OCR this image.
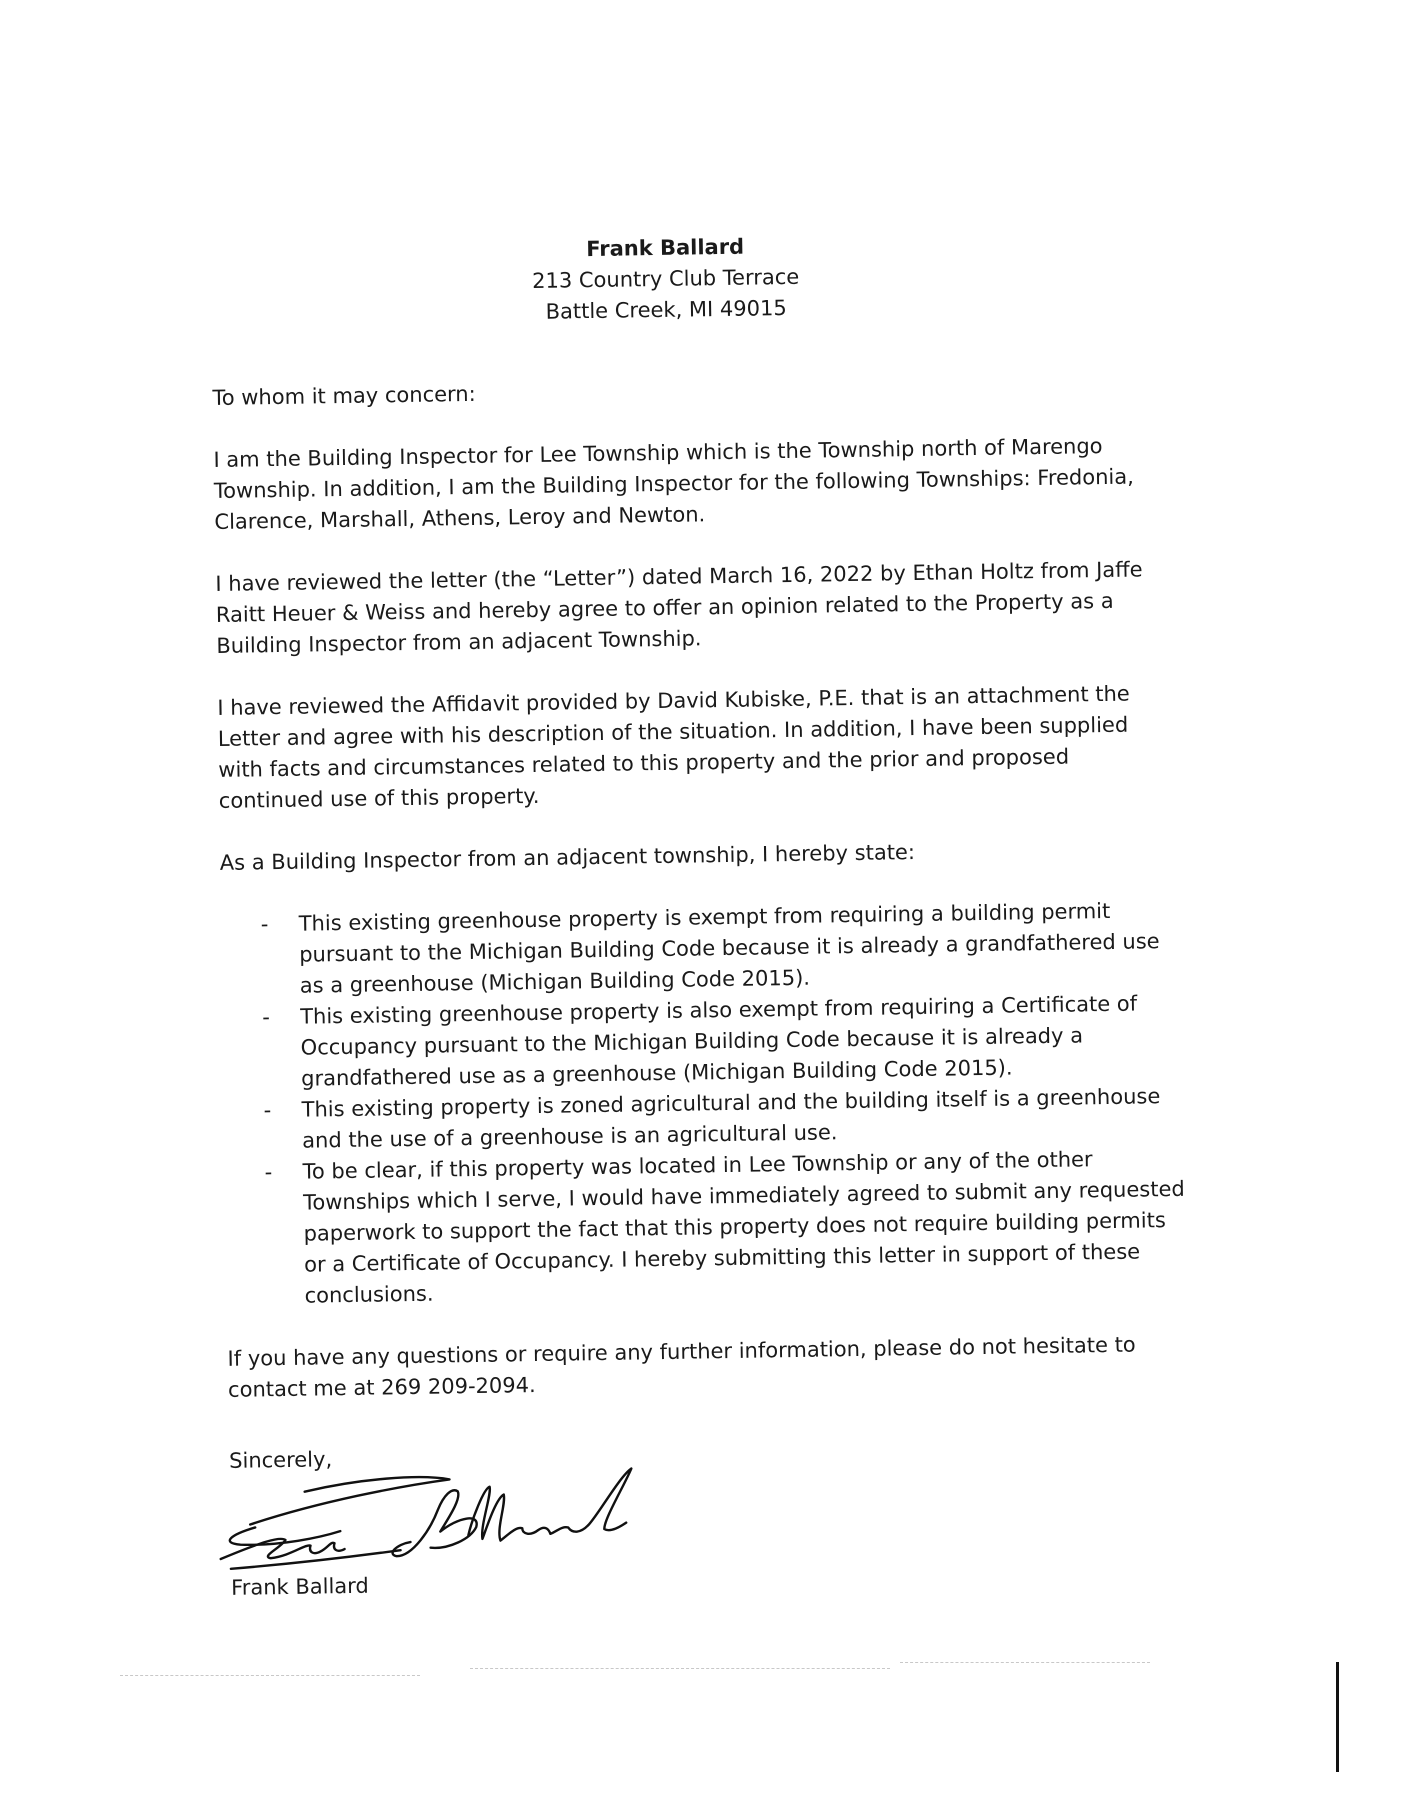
Frank Ballard
213 Country Club Terrace
Battle Creek, MI 49015

To whom it may concern:

I am the Building Inspector for Lee Township which is the Township north of Marengo Township. In addition, I am the Building Inspector for the following Townships: Fredonia, Clarence, Marshall, Athens, Leroy and Newton.

I have reviewed the letter (the “Letter”) dated March 16, 2022 by Ethan Holtz from Jaffe Raitt Heuer & Weiss and hereby agree to offer an opinion related to the Property as a Building Inspector from an adjacent Township.

I have reviewed the Affidavit provided by David Kubiske, P.E. that is an attachment the Letter and agree with his description of the situation. In addition, I have been supplied with facts and circumstances related to this property and the prior and proposed continued use of this property.

As a Building Inspector from an adjacent township, I hereby state:

- This existing greenhouse property is exempt from requiring a building permit pursuant to the Michigan Building Code because it is already a grandfathered use as a greenhouse (Michigan Building Code 2015).
- This existing greenhouse property is also exempt from requiring a Certificate of Occupancy pursuant to the Michigan Building Code because it is already a grandfathered use as a greenhouse (Michigan Building Code 2015).
- This existing property is zoned agricultural and the building itself is a greenhouse and the use of a greenhouse is an agricultural use.
- To be clear, if this property was located in Lee Township or any of the other Townships which I serve, I would have immediately agreed to submit any requested paperwork to support the fact that this property does not require building permits or a Certificate of Occupancy. I hereby submitting this letter in support of these conclusions.

If you have any questions or require any further information, please do not hesitate to contact me at 269 209-2094.

Sincerely,

Frank Ballard
